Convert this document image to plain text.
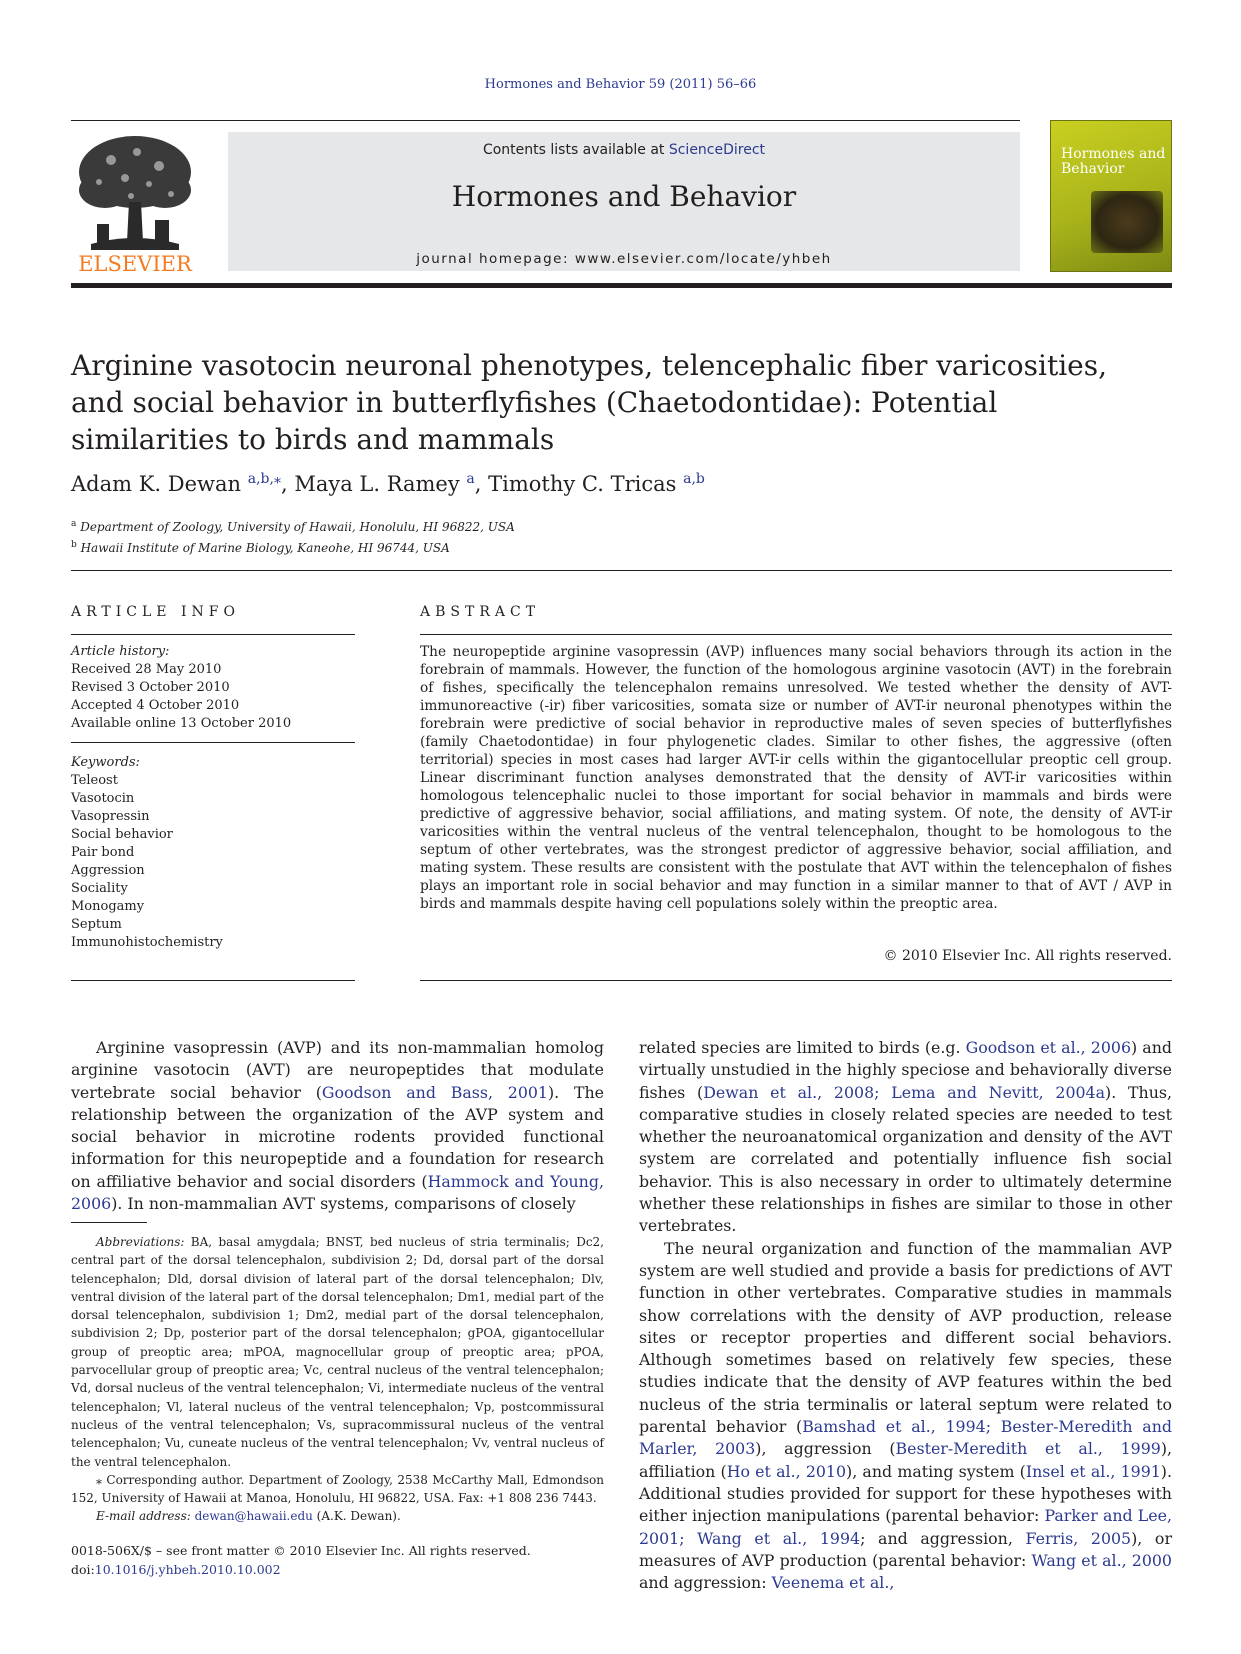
Hormones and Behavior 59 (2011) 56–66
ELSEVIER
Contents lists available at ScienceDirect
Hormones and Behavior
journal homepage: www.elsevier.com/locate/yhbeh
Hormones and Behavior
Arginine vasotocin neuronal phenotypes, telencephalic fiber varicosities, and social behavior in butterflyfishes (Chaetodontidae): Potential similarities to birds and mammals
Adam K. Dewan $^{a,b,⁎}$, Maya L. Ramey $^a$, Timothy C. Tricas $^{a,b}$
$^a$ Department of Zoology, University of Hawaii, Honolulu, HI 96822, USA
$^b$ Hawaii Institute of Marine Biology, Kaneohe, HI 96744, USA
ARTICLE INFO	ABSTRACT
Article history:
Received 28 May 2010
Revised 3 October 2010
Accepted 4 October 2010
Available online 13 October 2010
Keywords:
Teleost
Vasotocin
Vasopressin
Social behavior
Pair bond
Aggression
Sociality
Monogamy
Septum
Immunohistochemistry
The neuropeptide arginine vasopressin (AVP) influences many social behaviors through its action in the forebrain of mammals. However, the function of the homologous arginine vasotocin (AVT) in the forebrain of fishes, specifically the telencephalon remains unresolved. We tested whether the density of AVT-immunoreactive (-ir) fiber varicosities, somata size or number of AVT-ir neuronal phenotypes within the forebrain were predictive of social behavior in reproductive males of seven species of butterflyfishes (family Chaetodontidae) in four phylogenetic clades. Similar to other fishes, the aggressive (often territorial) species in most cases had larger AVT-ir cells within the gigantocellular preoptic cell group. Linear discriminant function analyses demonstrated that the density of AVT-ir varicosities within homologous telencephalic nuclei to those important for social behavior in mammals and birds were predictive of aggressive behavior, social affiliations, and mating system. Of note, the density of AVT-ir varicosities within the ventral nucleus of the ventral telencephalon, thought to be homologous to the septum of other vertebrates, was the strongest predictor of aggressive behavior, social affiliation, and mating system. These results are consistent with the postulate that AVT within the telencephalon of fishes plays an important role in social behavior and may function in a similar manner to that of AVT / AVP in birds and mammals despite having cell populations solely within the preoptic area.
© 2010 Elsevier Inc. All rights reserved.

Arginine vasopressin (AVP) and its non-mammalian homolog arginine vasotocin (AVT) are neuropeptides that modulate vertebrate social behavior (Goodson and Bass, 2001). The relationship between the organization of the AVP system and social behavior in microtine rodents provided functional information for this neuropeptide and a foundation for research on affiliative behavior and social disorders (Hammock and Young, 2006). In non-mammalian AVT systems, comparisons of closely

related species are limited to birds (e.g. Goodson et al., 2006) and virtually unstudied in the highly speciose and behaviorally diverse fishes (Dewan et al., 2008; Lema and Nevitt, 2004a). Thus, comparative studies in closely related species are needed to test whether the neuroanatomical organization and density of the AVT system are correlated and potentially influence fish social behavior. This is also necessary in order to ultimately determine whether these relationships in fishes are similar to those in other vertebrates.

The neural organization and function of the mammalian AVP system are well studied and provide a basis for predictions of AVT function in other vertebrates. Comparative studies in mammals show correlations with the density of AVP production, release sites or receptor properties and different social behaviors. Although sometimes based on relatively few species, these studies indicate that the density of AVP features within the bed nucleus of the stria terminalis or lateral septum were related to parental behavior (Bamshad et al., 1994; Bester-Meredith and Marler, 2003), aggression (Bester-Meredith et al., 1999), affiliation (Ho et al., 2010), and mating system (Insel et al., 1991). Additional studies provided for support for these hypotheses with either injection manipulations (parental behavior: Parker and Lee, 2001; Wang et al., 1994; and aggression, Ferris, 2005), or measures of AVP production (parental behavior: Wang et al., 2000 and aggression: Veenema et al.,

Abbreviations: BA, basal amygdala; BNST, bed nucleus of stria terminalis; Dc2, central part of the dorsal telencephalon, subdivision 2; Dd, dorsal part of the dorsal telencephalon; Dld, dorsal division of lateral part of the dorsal telencephalon; Dlv, ventral division of the lateral part of the dorsal telencephalon; Dm1, medial part of the dorsal telencephalon, subdivision 1; Dm2, medial part of the dorsal telencephalon, subdivision 2; Dp, posterior part of the dorsal telencephalon; gPOA, gigantocellular group of preoptic area; mPOA, magnocellular group of preoptic area; pPOA, parvocellular group of preoptic area; Vc, central nucleus of the ventral telencephalon; Vd, dorsal nucleus of the ventral telencephalon; Vi, intermediate nucleus of the ventral telencephalon; Vl, lateral nucleus of the ventral telencephalon; Vp, postcommissural nucleus of the ventral telencephalon; Vs, supracommissural nucleus of the ventral telencephalon; Vu, cuneate nucleus of the ventral telencephalon; Vv, ventral nucleus of the ventral telencephalon.

⁎ Corresponding author. Department of Zoology, 2538 McCarthy Mall, Edmondson 152, University of Hawaii at Manoa, Honolulu, HI 96822, USA. Fax: +1 808 236 7443.

E-mail address: dewan@hawaii.edu (A.K. Dewan).

0018-506X/$ – see front matter © 2010 Elsevier Inc. All rights reserved.
doi:10.1016/j.yhbeh.2010.10.002
